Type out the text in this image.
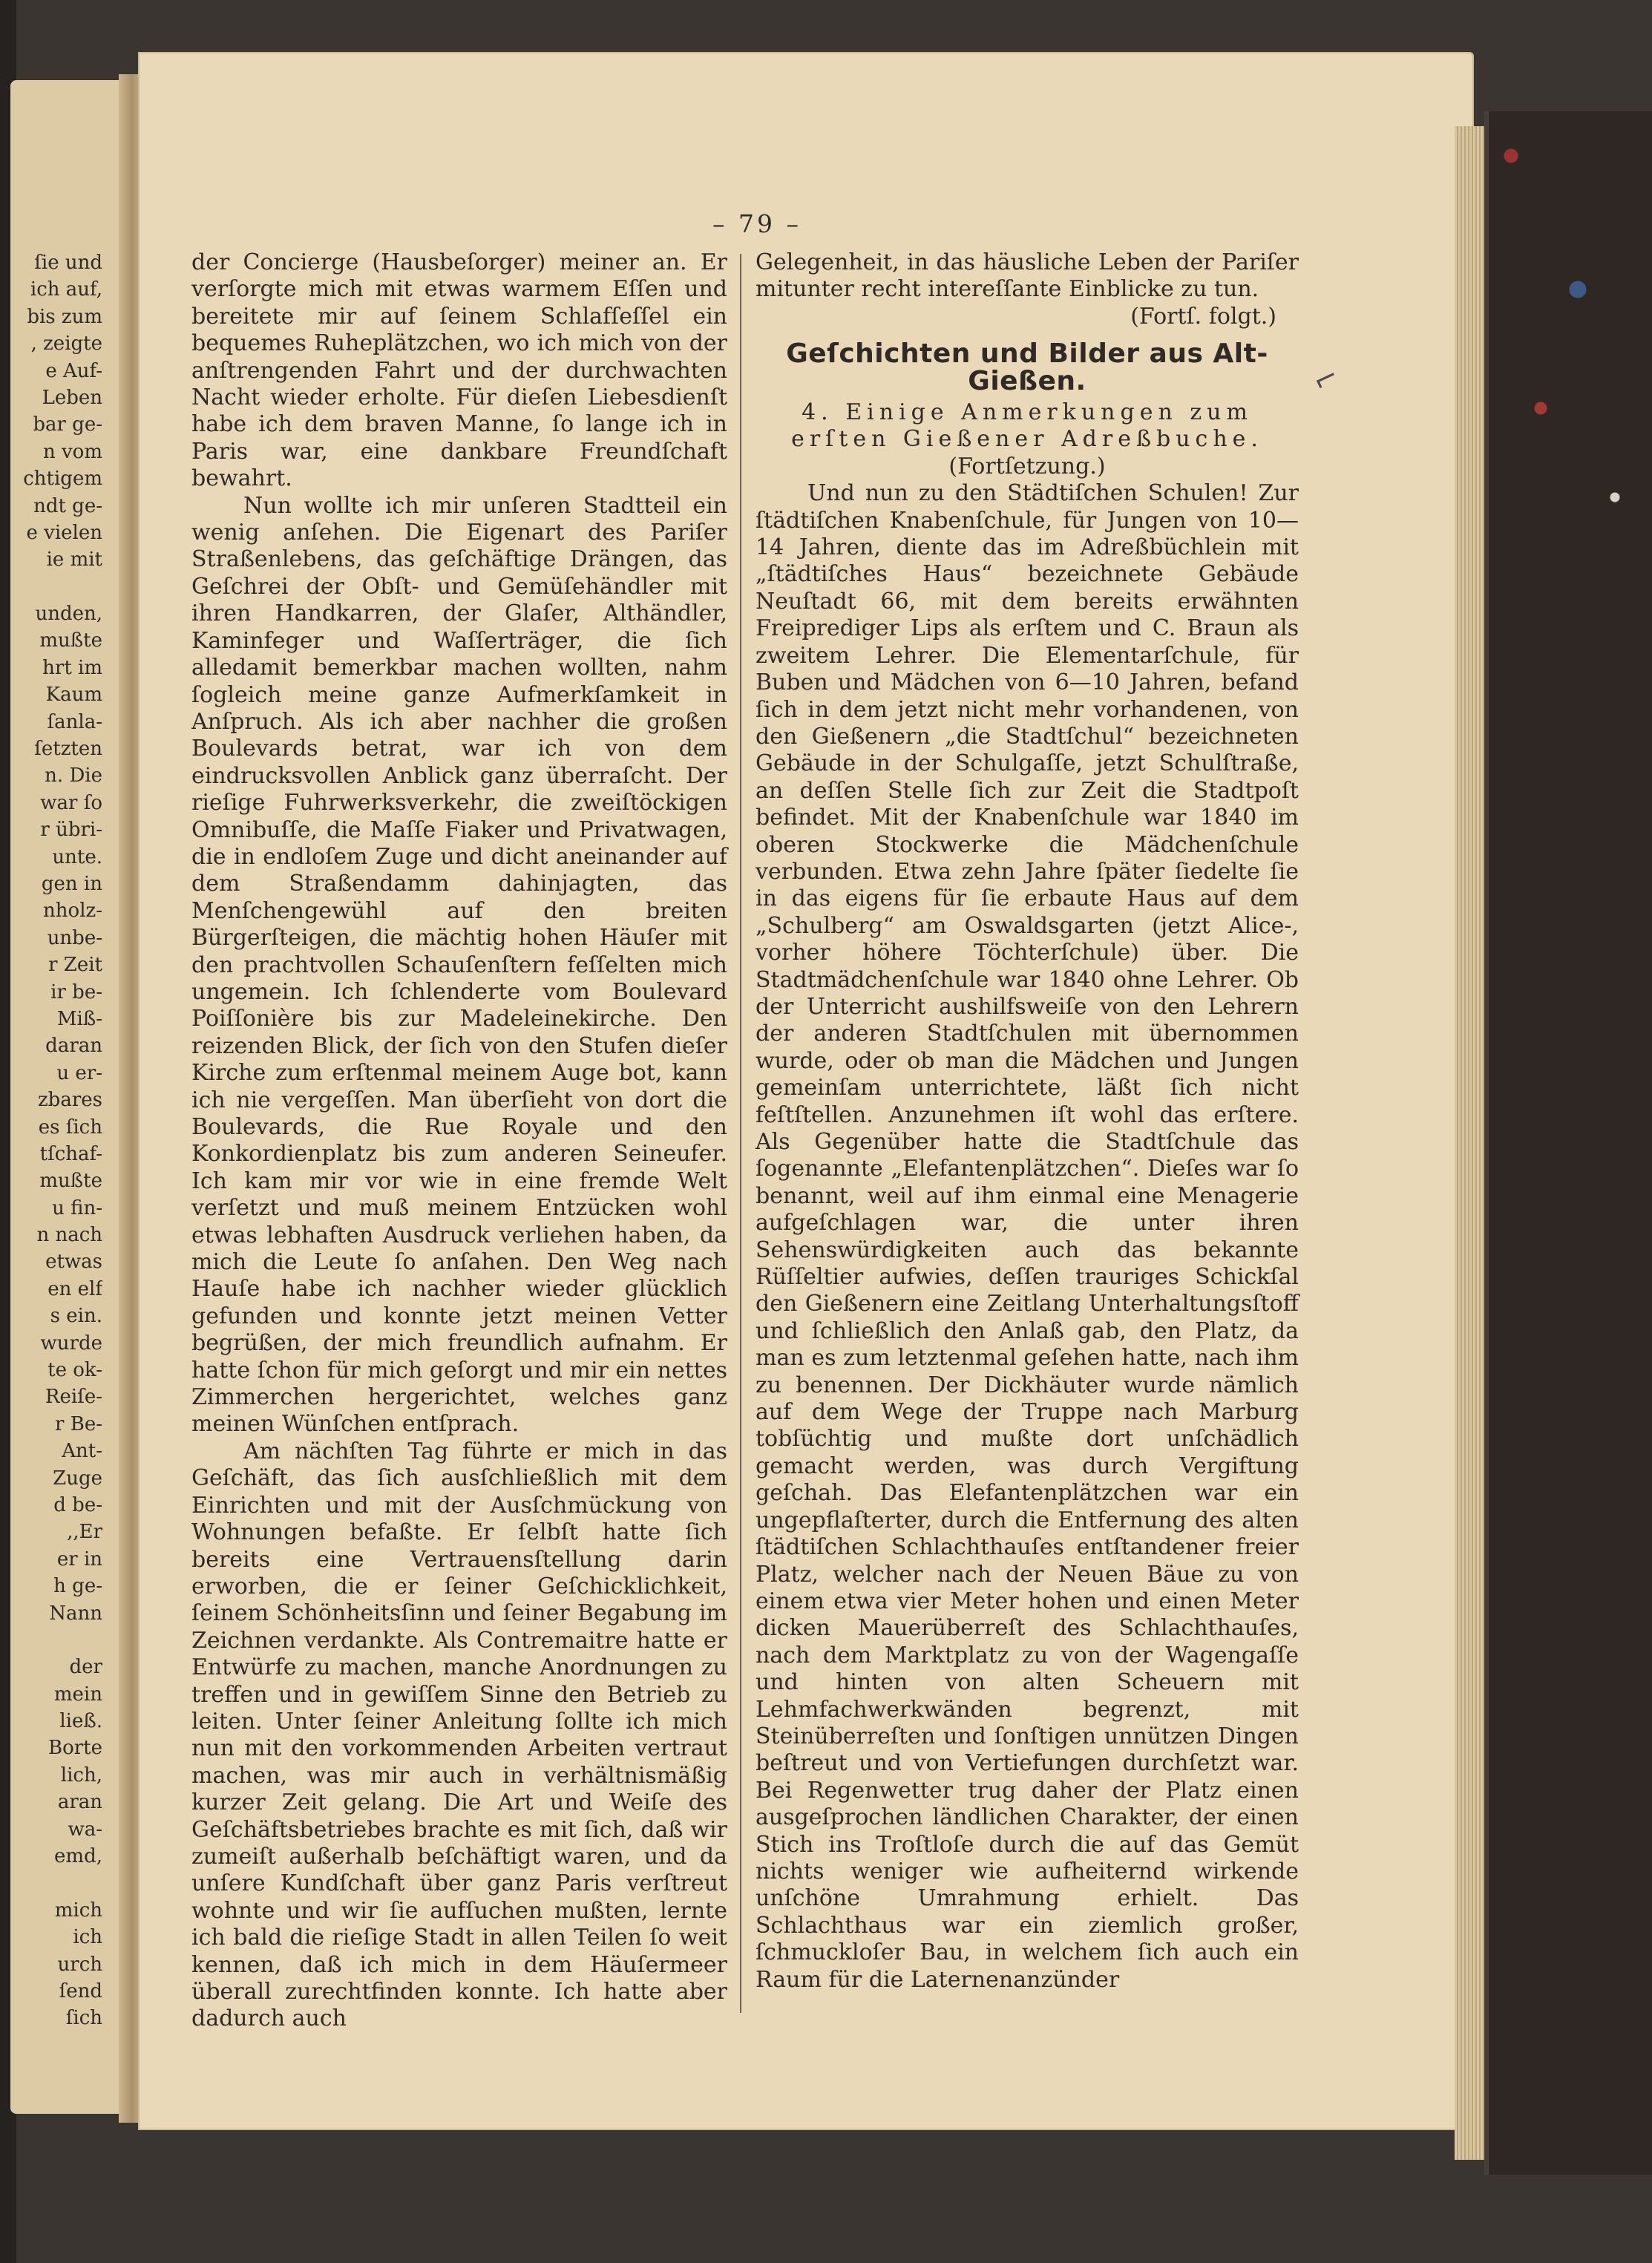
ſie und
ich auf,
bis zum
, zeigte
e Auf-
Leben
bar ge-
n vom
chtigem
ndt ge-
e vielen
ie mit
unden,
mußte
hrt im
Kaum
ſanla-
ſetzten
n. Die
war ſo
r übri-
unte.
gen in
nholz-
unbe-
r Zeit
ir be-
Miß-
daran
u er-
zbares
es ſich
tſchaf-
mußte
u fin-
n nach
etwas
en elf
s ein.
wurde
te ok-
Reiſe-
r Be-
Ant-
Zuge
d be-
,,Er
er in
h ge-
Nann
der
mein
ließ.
Borte
lich,
aran
wa-
emd,
mich
ich
urch
ſend
ſich
– 79 –

der Concierge (Hausbeſorger) meiner an. Er verſorgte mich mit etwas warmem Eſſen und bereitete mir auf ſeinem Schlafſeſſel ein bequemes Ruheplätzchen, wo ich mich von der anſtrengenden Fahrt und der durchwachten Nacht wieder erholte. Für dieſen Liebesdienſt habe ich dem braven Manne, ſo lange ich in Paris war, eine dankbare Freundſchaft bewahrt.

Nun wollte ich mir unſeren Stadtteil ein wenig anſehen. Die Eigenart des Pariſer Straßenlebens, das geſchäftige Drängen, das Geſchrei der Obſt- und Gemüſehändler mit ihren Handkarren, der Glaſer, Althändler, Kaminfeger und Waſſerträger, die ſich alledamit bemerkbar machen wollten, nahm ſogleich meine ganze Aufmerkſamkeit in Anſpruch. Als ich aber nachher die großen Boulevards betrat, war ich von dem eindrucksvollen Anblick ganz überraſcht. Der rieſige Fuhrwerksverkehr, die zweiſtöckigen Omnibuſſe, die Maſſe Fiaker und Privatwagen, die in endloſem Zuge und dicht aneinander auf dem Straßendamm dahinjagten, das Menſchengewühl auf den breiten Bürgerſteigen, die mächtig hohen Häuſer mit den prachtvollen Schauſenſtern feſſelten mich ungemein. Ich ſchlenderte vom Boulevard Poiſſonière bis zur Madeleinekirche. Den reizenden Blick, der ſich von den Stufen dieſer Kirche zum erſtenmal meinem Auge bot, kann ich nie vergeſſen. Man überſieht von dort die Boulevards, die Rue Royale und den Konkordienplatz bis zum anderen Seineufer. Ich kam mir vor wie in eine fremde Welt verſetzt und muß meinem Entzücken wohl etwas lebhaften Ausdruck verliehen haben, da mich die Leute ſo anſahen. Den Weg nach Hauſe habe ich nachher wieder glücklich gefunden und konnte jetzt meinen Vetter begrüßen, der mich freundlich aufnahm. Er hatte ſchon für mich geſorgt und mir ein nettes Zimmerchen hergerichtet, welches ganz meinen Wünſchen entſprach.

Am nächſten Tag führte er mich in das Geſchäft, das ſich ausſchließlich mit dem Einrichten und mit der Ausſchmückung von Wohnungen befaßte. Er ſelbſt hatte ſich bereits eine Vertrauensſtellung darin erworben, die er ſeiner Geſchicklichkeit, ſeinem Schönheitsſinn und ſeiner Begabung im Zeichnen verdankte. Als Contremaitre hatte er Entwürfe zu machen, manche Anordnungen zu treffen und in gewiſſem Sinne den Betrieb zu leiten. Unter ſeiner Anleitung ſollte ich mich nun mit den vorkommenden Arbeiten vertraut machen, was mir auch in verhältnismäßig kurzer Zeit gelang. Die Art und Weiſe des Geſchäftsbetriebes brachte es mit ſich, daß wir zumeiſt außerhalb beſchäftigt waren, und da unſere Kundſchaft über ganz Paris verſtreut wohnte und wir ſie aufſuchen mußten, lernte ich bald die rieſige Stadt in allen Teilen ſo weit kennen, daß ich mich in dem Häuſermeer überall zurechtfinden konnte. Ich hatte aber dadurch auch

Gelegenheit, in das häusliche Leben der Pariſer mitunter recht intereſſante Einblicke zu tun.

(Fortſ. folgt.)

Geſchichten und Bilder aus Alt-Gießen.

4. Einige Anmerkungen zum erſten Gießener Adreßbuche.

(Fortſetzung.)

Und nun zu den Städtiſchen Schulen! Zur ſtädtiſchen Knabenſchule, für Jungen von 10—14 Jahren, diente das im Adreßbüchlein mit „ſtädtiſches Haus“ bezeichnete Gebäude Neuſtadt 66, mit dem bereits erwähnten Freiprediger Lips als erſtem und C. Braun als zweitem Lehrer. Die Elementarſchule, für Buben und Mädchen von 6—10 Jahren, befand ſich in dem jetzt nicht mehr vorhandenen, von den Gießenern „die Stadtſchul“ bezeichneten Gebäude in der Schulgaſſe, jetzt Schulſtraße, an deſſen Stelle ſich zur Zeit die Stadtpoſt befindet. Mit der Knabenſchule war 1840 im oberen Stockwerke die Mädchenſchule verbunden. Etwa zehn Jahre ſpäter ſiedelte ſie in das eigens für ſie erbaute Haus auf dem „Schulberg“ am Oswaldsgarten (jetzt Alice-, vorher höhere Töchterſchule) über. Die Stadtmädchenſchule war 1840 ohne Lehrer. Ob der Unterricht aushilfsweiſe von den Lehrern der anderen Stadtſchulen mit übernommen wurde, oder ob man die Mädchen und Jungen gemeinſam unterrichtete, läßt ſich nicht feſtſtellen. Anzunehmen iſt wohl das erſtere. Als Gegenüber hatte die Stadtſchule das ſogenannte „Elefantenplätzchen“. Dieſes war ſo benannt, weil auf ihm einmal eine Menagerie aufgeſchlagen war, die unter ihren Sehenswürdigkeiten auch das bekannte Rüſſeltier aufwies, deſſen trauriges Schickſal den Gießenern eine Zeitlang Unterhaltungsſtoff und ſchließlich den Anlaß gab, den Platz, da man es zum letztenmal geſehen hatte, nach ihm zu benennen. Der Dickhäuter wurde nämlich auf dem Wege der Truppe nach Marburg tobſüchtig und mußte dort unſchädlich gemacht werden, was durch Vergiftung geſchah. Das Elefantenplätzchen war ein ungepflaſterter, durch die Entfernung des alten ſtädtiſchen Schlachthauſes entſtandener freier Platz, welcher nach der Neuen Bäue zu von einem etwa vier Meter hohen und einen Meter dicken Mauerüberreſt des Schlachthauſes, nach dem Marktplatz zu von der Wagengaſſe und hinten von alten Scheuern mit Lehmfachwerkwänden begrenzt, mit Steinüberreſten und ſonſtigen unnützen Dingen beſtreut und von Vertiefungen durchſetzt war. Bei Regenwetter trug daher der Platz einen ausgeſprochen ländlichen Charakter, der einen Stich ins Troſtloſe durch die auf das Gemüt nichts weniger wie aufheiternd wirkende unſchöne Umrahmung erhielt. Das Schlachthaus war ein ziemlich großer, ſchmuckloſer Bau, in welchem ſich auch ein Raum für die Laternenanzünder

⌐
